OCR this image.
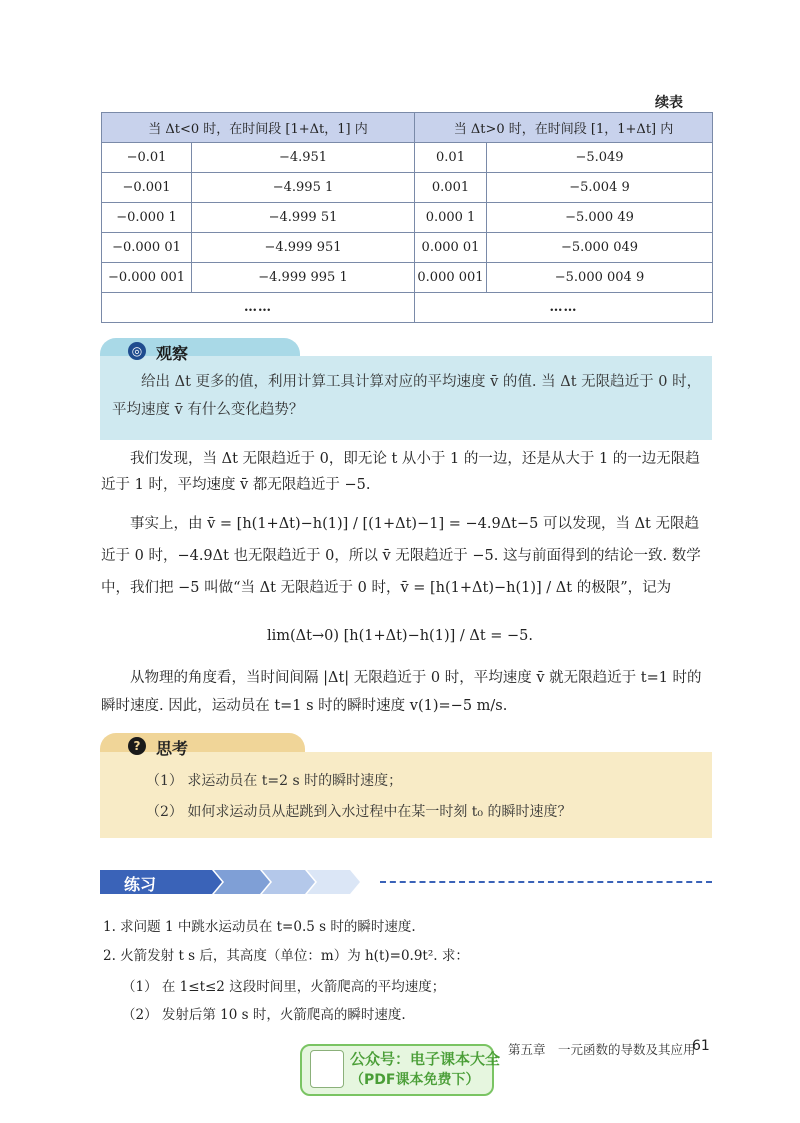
续表
当 Δt<0 时，在时间段 [1+Δt，1] 内		当 Δt>0 时，在时间段 [1，1+Δt] 内	
−0.01	−4.951	0.01	−5.049
−0.001	−4.995 1	0.001	−5.004 9
−0.000 1	−4.999 51	0.000 1	−5.000 49
−0.000 01	−4.999 951	0.000 01	−5.000 049
−0.000 001	−4.999 995 1	0.000 001	−5.000 004 9
……		……	
◎ 观察
给出 Δt 更多的值，利用计算工具计算对应的平均速度 v̄ 的值. 当 Δt 无限趋近于 0 时，平均速度 v̄ 有什么变化趋势？
我们发现，当 Δt 无限趋近于 0，即无论 t 从小于 1 的一边，还是从大于 1 的一边无限趋近于 1 时，平均速度 v̄ 都无限趋近于 −5.
事实上，由 v̄ = [h(1+Δt)−h(1)] / [(1+Δt)−1] = −4.9Δt−5 可以发现，当 Δt 无限趋近于 0 时，−4.9Δt 也无限趋近于 0，所以 v̄ 无限趋近于 −5. 这与前面得到的结论一致. 数学中，我们把 −5 叫做“当 Δt 无限趋近于 0 时，v̄ = [h(1+Δt)−h(1)] / Δt 的极限”，记为
lim(Δt→0) [h(1+Δt)−h(1)] / Δt = −5.
从物理的角度看，当时间间隔 |Δt| 无限趋近于 0 时，平均速度 v̄ 就无限趋近于 t=1 时的瞬时速度. 因此，运动员在 t=1 s 时的瞬时速度 v(1)=−5 m/s.
? 思考
（1） 求运动员在 t=2 s 时的瞬时速度；
（2） 如何求运动员从起跳到入水过程中在某一时刻 t₀ 的瞬时速度？
练习
1. 求问题 1 中跳水运动员在 t=0.5 s 时的瞬时速度.
2. 火箭发射 t s 后，其高度（单位：m）为 h(t)=0.9t². 求：
（1） 在 1≤t≤2 这段时间里，火箭爬高的平均速度；
（2） 发射后第 10 s 时，火箭爬高的瞬时速度.
第五章　一元函数的导数及其应用
61
公众号：电子课本大全
（PDF课本免费下）
